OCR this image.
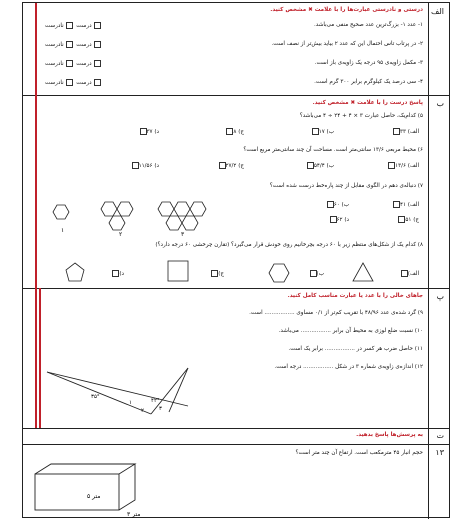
الف
درستی و نادرستی عبارت‌ها را با علامت ✖ مشخص کنید.
۱- عدد ۱- بزرگ‌ترین عدد صحیح منفی می‌باشد.
۲- در پرتاب تاس احتمال این که عدد ۲ بیاید بیش‌تر از نصف است.
۳- مکمل زاویه‌ی ۹۵ درجه یک زاویه‌ی باز است.
۴- سی درصد یک کیلوگرم برابر ۳۰۰ گرم است.
درست  نادرست
درست  نادرست
درست  نادرست
درست  نادرست
ب
پاسخ درست را با علامت ✖ مشخص کنید.
۵) کدام‌یک، حاصل عبارت ۳ × ۴ + ۲۴ ÷ ۴ می‌باشد؟
الف) ۳۳
ب) ۱۷
ج) ۸
د) ۳۷
۶) محیط مربعی ۱۳/۶ سانتی‌متر است. مساحت آن چند سانتی‌متر مربع است؟
الف) ۱۳/۶
ب) ۵۴/۴
ج) ۲۷/۲
د) ۱۱/۵۶
۷) دنباله‌ی دهم در الگوی مقابل از چند پاره‌خط درست شده است؟
الف) ۴۱
ب) ۶۰
ج) ۵۱
د) ۶۲
۱
۲	۳
۸) کدام یک از شکل‌های منتظم زیر با ۶۰ درجه بچرخانیم روی خودش قرار می‌گیرد؟ (تقارن چرخشی ۶۰ درجه دارد؟)
الف)
ب)
ج)
د)
پ
جاهای خالی را با عدد یا عبارت مناسب کامل کنید.
۹) گرد شده‌ی عدد ۴۸/۹۶ با تقریب کم‌تر از ۰/۱ مساوی ................. است.
۱۰) نسبت ضلع لوزی به محیط آن برابر ................. می‌باشد.
۱۱) حاصل ضرب هر کسر در ................. برابر یک است.
۱۲) اندازه‌ی زاویه‌ی شماره ۳ در شکل ................. درجه است.
۴۲°
۳۵°
۱
۲	۳
ت
به پرسش‌ها پاسخ بدهید.
۱۳
حجم انبار ۴۵ مترمکعب است. ارتفاع آن چند متر است؟
۵ متر
۳ متر
